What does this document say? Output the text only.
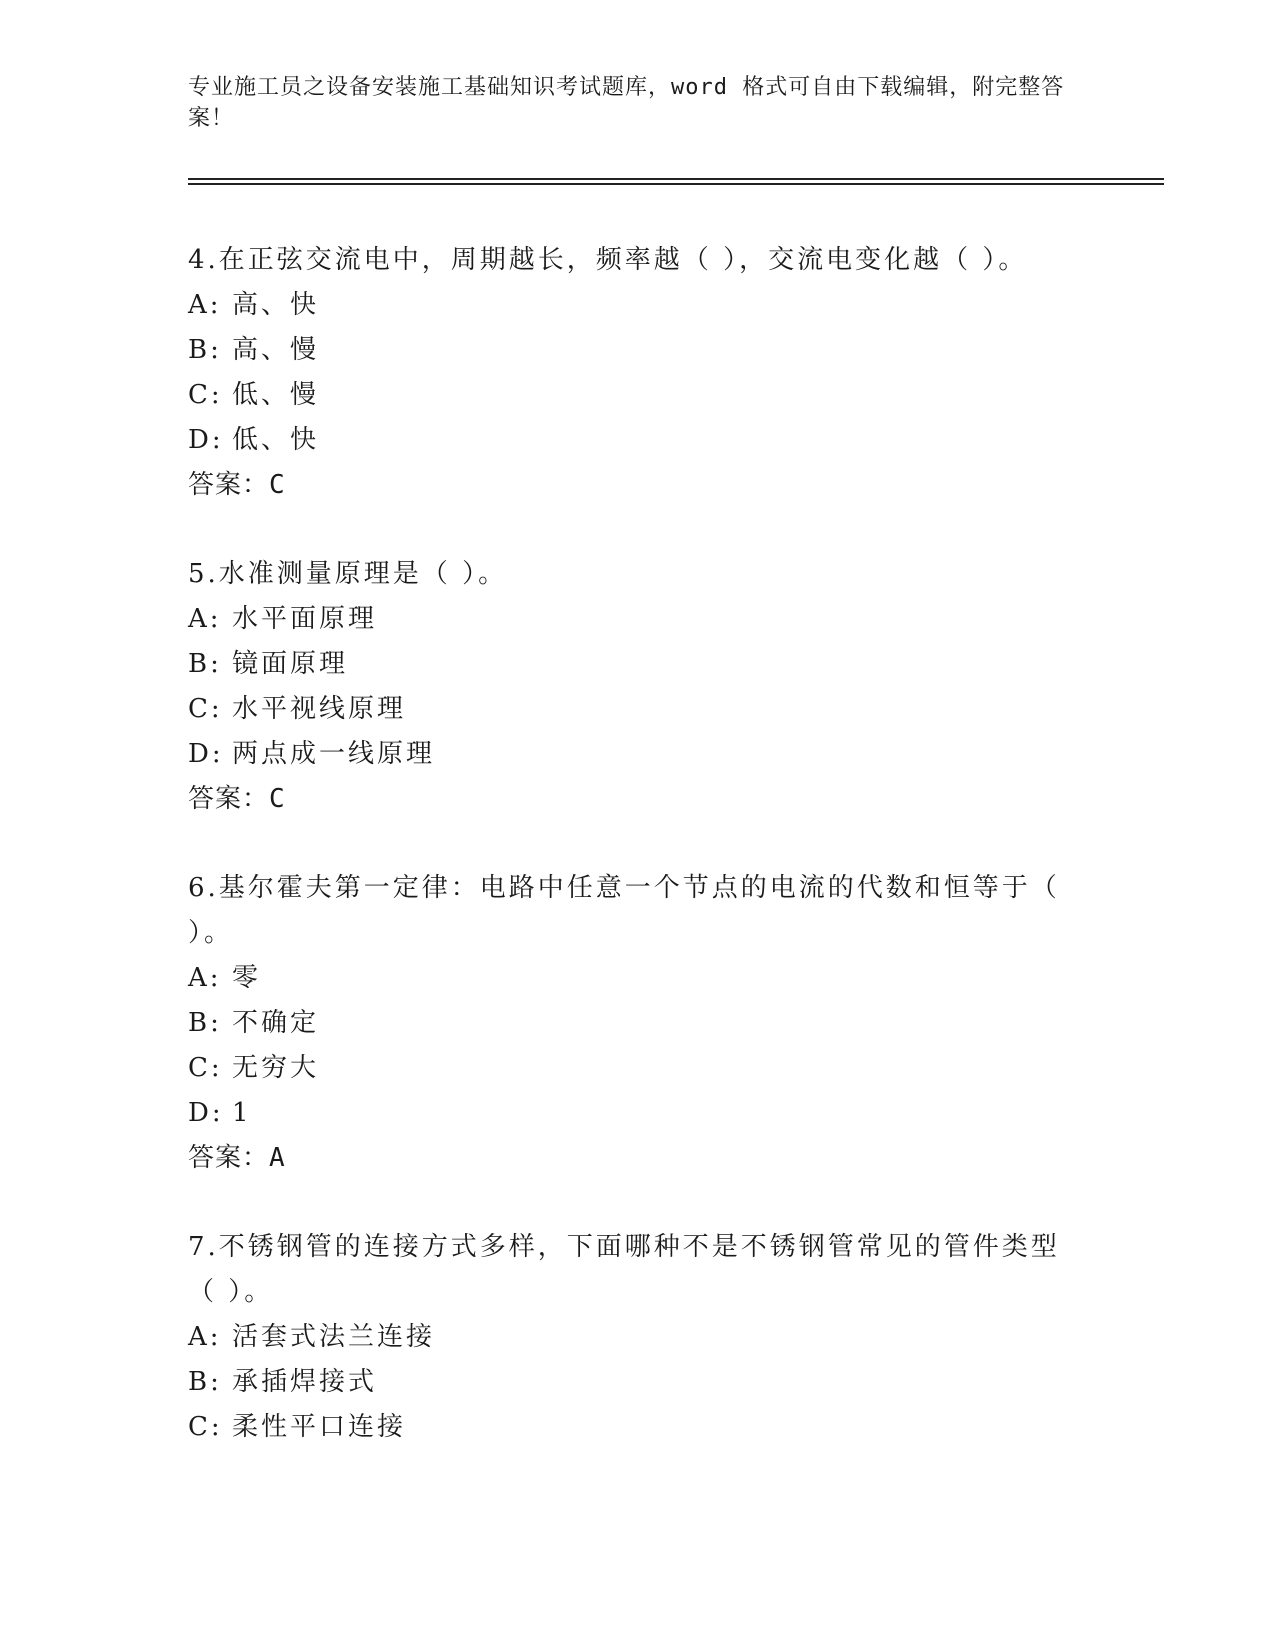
专业施工员之设备安装施工基础知识考试题库，word 格式可自由下载编辑，附完整答案！

4.在正弦交流电中，周期越长，频率越（ ），交流电变化越（ ）。

A: 高、快
B: 高、慢
C: 低、慢
D: 低、快

答案：C

5.水准测量原理是（ ）。

A: 水平面原理
B: 镜面原理
C: 水平视线原理
D: 两点成一线原理

答案：C

6.基尔霍夫第一定律：电路中任意一个节点的电流的代数和恒等于（ ）。

A: 零
B: 不确定
C: 无穷大
D: 1

答案：A

7.不锈钢管的连接方式多样，下面哪种不是不锈钢管常见的管件类型（ ）。

A: 活套式法兰连接
B: 承插焊接式
C: 柔性平口连接
